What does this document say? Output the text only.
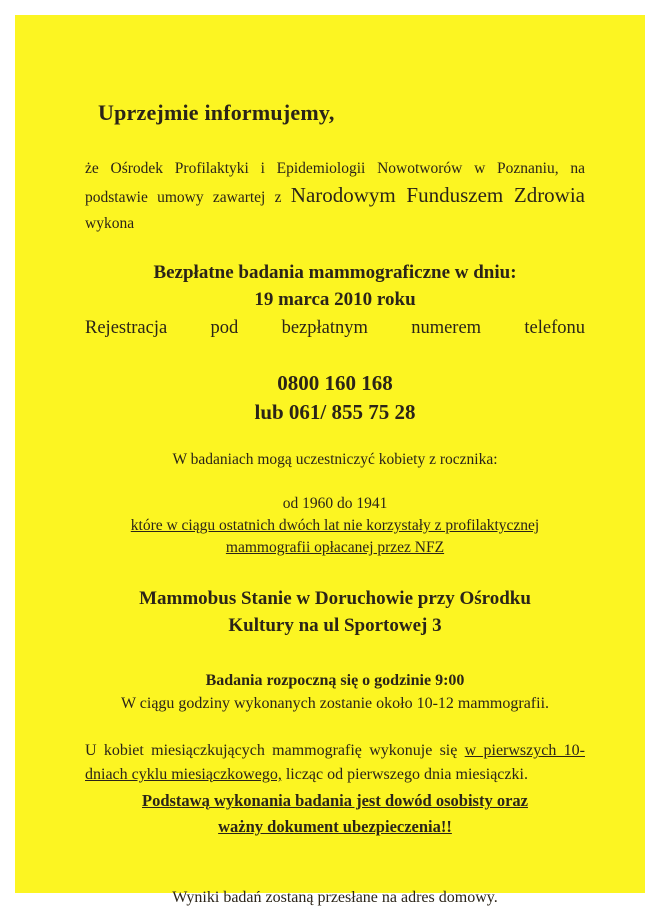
Uprzejmie informujemy,

że Ośrodek Profilaktyki i Epidemiologii Nowotworów w Poznaniu, na podstawie umowy zawartej z Narodowym Funduszem Zdrowia wykona

Bezpłatne badania mammograficzne w dniu:

19 marca 2010 roku

Rejestracja pod bezpłatnym numerem telefonu

0800 160 168

lub 061/ 855 75 28

W badaniach mogą uczestniczyć kobiety z rocznika:

od 1960 do 1941

które w ciągu ostatnich dwóch lat nie korzystały z profilaktycznej

mammografii opłacanej przez NFZ

Mammobus Stanie w Doruchowie przy Ośrodku
Kultury na ul Sportowej 3

Badania rozpoczną się o godzinie 9:00

W ciągu godziny wykonanych zostanie około 10-12 mammografii.

U kobiet miesiączkujących mammografię wykonuje się w pierwszych 10-dniach cyklu miesiączkowego, licząc od pierwszego dnia miesiączki.

Podstawą wykonania badania jest dowód osobisty oraz

ważny dokument ubezpieczenia!!

Wyniki badań zostaną przesłane na adres domowy.
